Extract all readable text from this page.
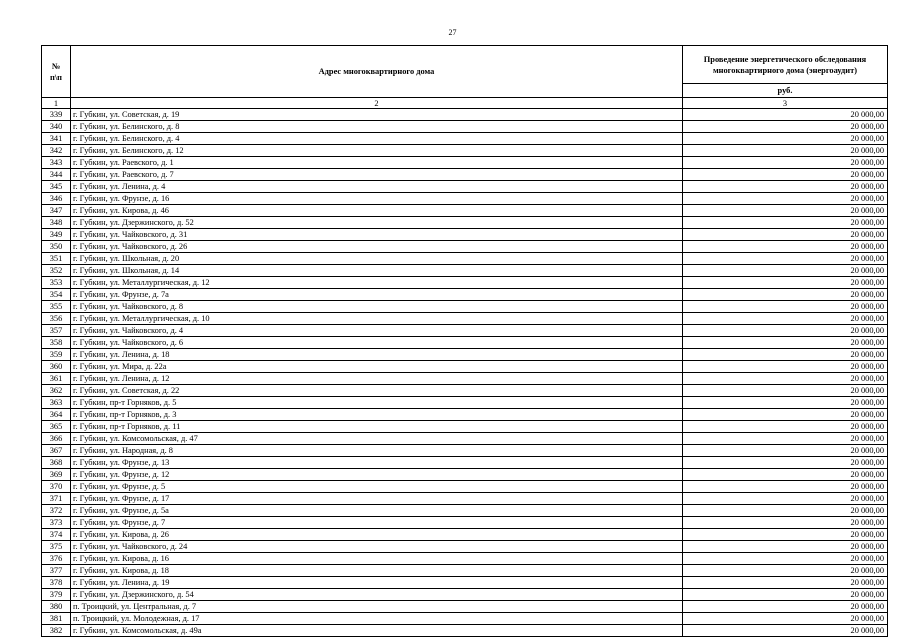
27
№
п\п	Адрес многоквартирного дома	Проведение энергетического обследования многоквартирного дома (энергоаудит)
		руб.
1	2	3
339	г. Губкин, ул. Советская, д. 19	20 000,00
340	г. Губкин, ул. Белинского, д. 8	20 000,00
341	г. Губкин, ул. Белинского, д. 4	20 000,00
342	г. Губкин, ул. Белинского, д. 12	20 000,00
343	г. Губкин, ул. Раевского, д. 1	20 000,00
344	г. Губкин, ул. Раевского, д. 7	20 000,00
345	г. Губкин, ул. Ленина, д. 4	20 000,00
346	г. Губкин, ул. Фрунзе, д. 16	20 000,00
347	г. Губкин, ул. Кирова, д. 46	20 000,00
348	г. Губкин, ул. Дзержинского, д. 52	20 000,00
349	г. Губкин, ул. Чайковского, д. 31	20 000,00
350	г. Губкин, ул. Чайковского, д. 26	20 000,00
351	г. Губкин, ул. Школьная, д. 20	20 000,00
352	г. Губкин, ул. Школьная, д. 14	20 000,00
353	г. Губкин, ул. Металлургическая, д. 12	20 000,00
354	г. Губкин, ул. Фрунзе, д. 7а	20 000,00
355	г. Губкин, ул. Чайковского, д. 8	20 000,00
356	г. Губкин, ул. Металлургическая, д. 10	20 000,00
357	г. Губкин, ул. Чайковского, д. 4	20 000,00
358	г. Губкин, ул. Чайковского, д. 6	20 000,00
359	г. Губкин, ул. Ленина, д. 18	20 000,00
360	г. Губкин, ул. Мира, д. 22а	20 000,00
361	г. Губкин, ул. Ленина, д. 12	20 000,00
362	г. Губкин, ул. Советская, д. 22	20 000,00
363	г. Губкин, пр-т Горняков, д. 5	20 000,00
364	г. Губкин, пр-т Горняков, д. 3	20 000,00
365	г. Губкин, пр-т Горняков, д. 11	20 000,00
366	г. Губкин, ул. Комсомольская, д. 47	20 000,00
367	г. Губкин, ул. Народная, д. 8	20 000,00
368	г. Губкин, ул. Фрунзе, д. 13	20 000,00
369	г. Губкин, ул. Фрунзе, д. 12	20 000,00
370	г. Губкин, ул. Фрунзе, д. 5	20 000,00
371	г. Губкин, ул. Фрунзе, д. 17	20 000,00
372	г. Губкин, ул. Фрунзе, д. 5а	20 000,00
373	г. Губкин, ул. Фрунзе, д. 7	20 000,00
374	г. Губкин, ул. Кирова, д. 26	20 000,00
375	г. Губкин, ул. Чайковского, д. 24	20 000,00
376	г. Губкин, ул. Кирова, д. 16	20 000,00
377	г. Губкин, ул. Кирова, д. 18	20 000,00
378	г. Губкин, ул. Ленина, д. 19	20 000,00
379	г. Губкин, ул. Дзержинского, д. 54	20 000,00
380	п. Троицкий, ул. Центральная, д. 7	20 000,00
381	п. Троицкий, ул. Молодежная, д. 17	20 000,00
382	г. Губкин, ул. Комсомольская, д. 49а	20 000,00
